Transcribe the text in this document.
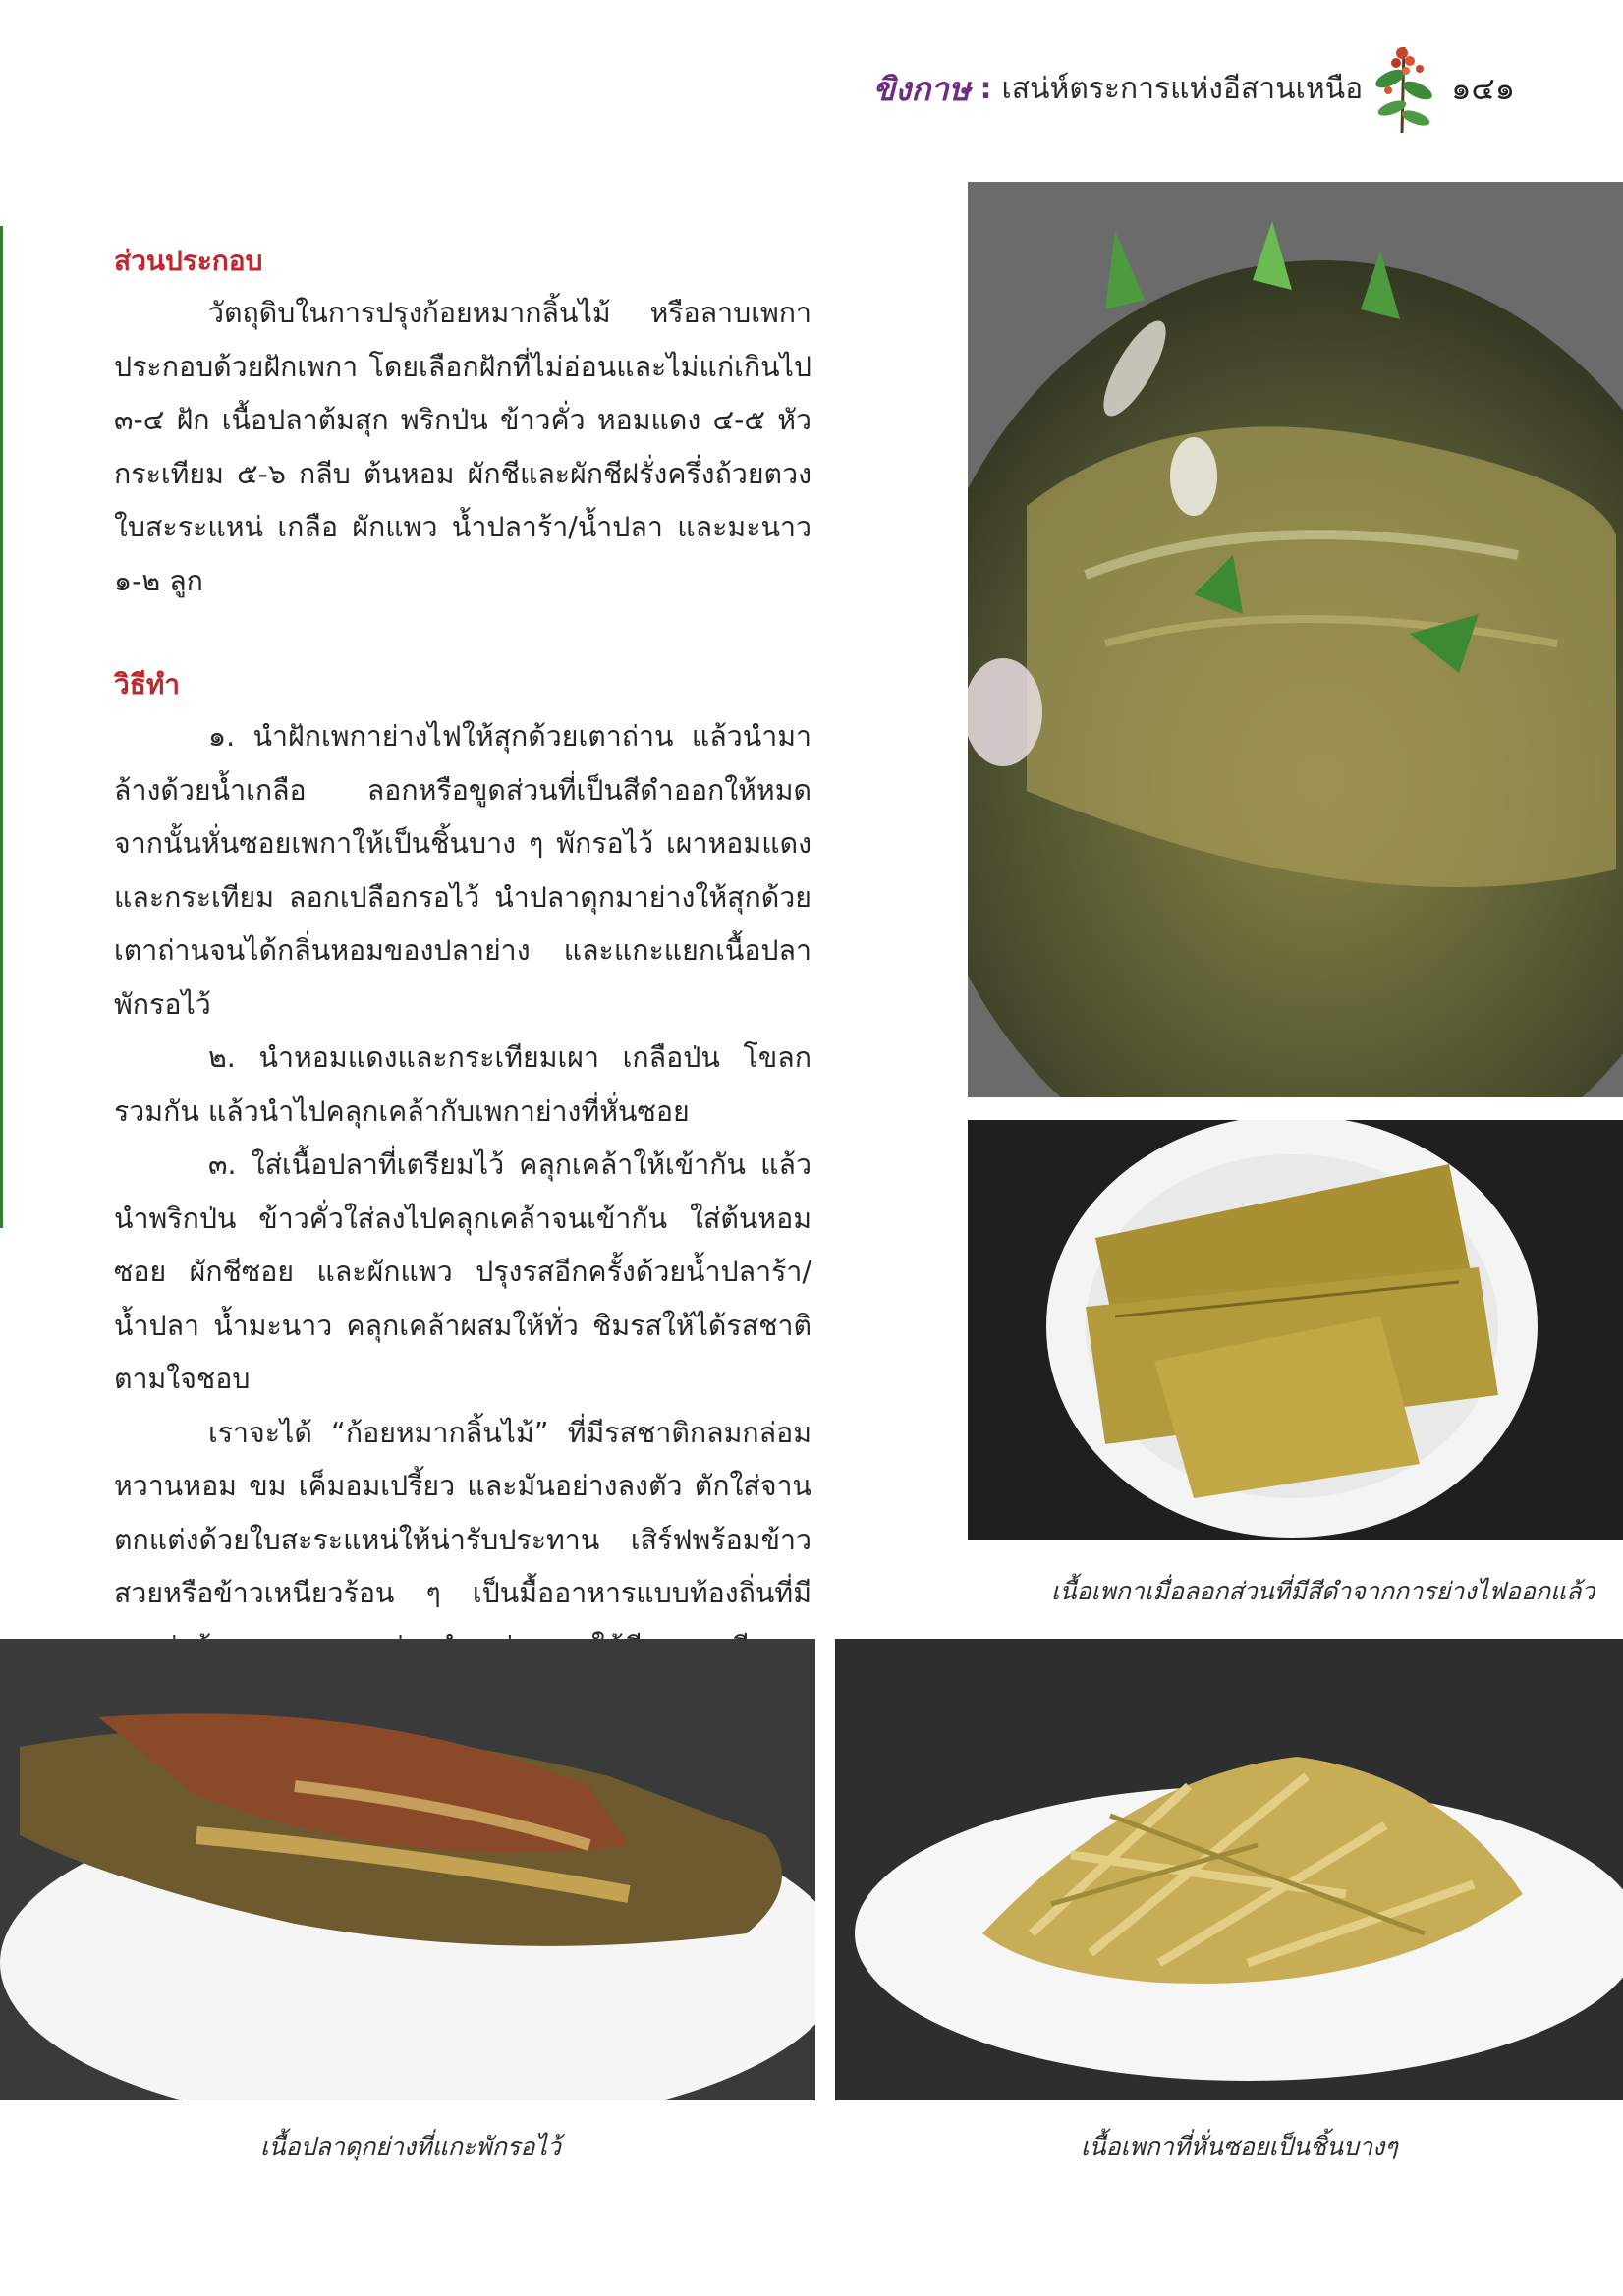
ขิงกาษ : เสน่ห์ตระการแห่งอีสานเหนือ	๑๔๑
ส่วนประกอบ

วัตถุดิบในการปรุงก้อยหมากลิ้นไม้ หรือลาบเพกา ประกอบด้วยฝักเพกา โดยเลือกฝักที่ไม่อ่อนและไม่แก่เกินไป ๓-๔ ฝัก เนื้อปลาต้มสุก พริกป่น ข้าวคั่ว หอมแดง ๔-๕ หัว กระเทียม ๕-๖ กลีบ ต้นหอม ผักชีและผักชีฝรั่งครึ่งถ้วยตวง ใบสะระแหน่ เกลือ ผักแพว น้ำปลาร้า/น้ำปลา และมะนาว ๑-๒ ลูก

วิธีทำ

๑. นำฝักเพกาย่างไฟให้สุกด้วยเตาถ่าน แล้วนำมาล้างด้วยน้ำเกลือ ลอกหรือขูดส่วนที่เป็นสีดำออกให้หมด จากนั้นหั่นซอยเพกาให้เป็นชิ้นบาง ๆ พักรอไว้ เผาหอมแดงและกระเทียม ลอกเปลือกรอไว้ นำปลาดุกมาย่างให้สุกด้วยเตาถ่านจนได้กลิ่นหอมของปลาย่าง และแกะแยกเนื้อปลาพักรอไว้

๒. นำหอมแดงและกระเทียมเผา เกลือป่น โขลกรวมกัน แล้วนำไปคลุกเคล้ากับเพกาย่างที่หั่นซอย

๓. ใส่เนื้อปลาที่เตรียมไว้ คลุกเคล้าให้เข้ากัน แล้วนำพริกป่น ข้าวคั่วใส่ลงไปคลุกเคล้าจนเข้ากัน ใส่ต้นหอมซอย ผักชีซอย และผักแพว ปรุงรสอีกครั้งด้วยน้ำปลาร้า/น้ำปลา น้ำมะนาว คลุกเคล้าผสมให้ทั่ว ชิมรสให้ได้รสชาติตามใจชอบ

เราจะได้ “ก้อยหมากลิ้นไม้” ที่มีรสชาติกลมกล่อม หวานหอม ขม เค็มอมเปรี้ยว และมันอย่างลงตัว ตักใส่จาน ตกแต่งด้วยใบสะระแหน่ให้น่ารับประทาน เสิร์ฟพร้อมข้าวสวยหรือข้าวเหนียวร้อน ๆ เป็นมื้ออาหารแบบท้องถิ่นที่มี	เนื้อเพกาเมื่อลอกส่วนที่มีสีดำจากการย่างไฟออกแล้ว
เนื้อปลาดุกย่างที่แกะพักรอไว้	เนื้อเพกาที่หั่นซอยเป็นชิ้นบางๆ
